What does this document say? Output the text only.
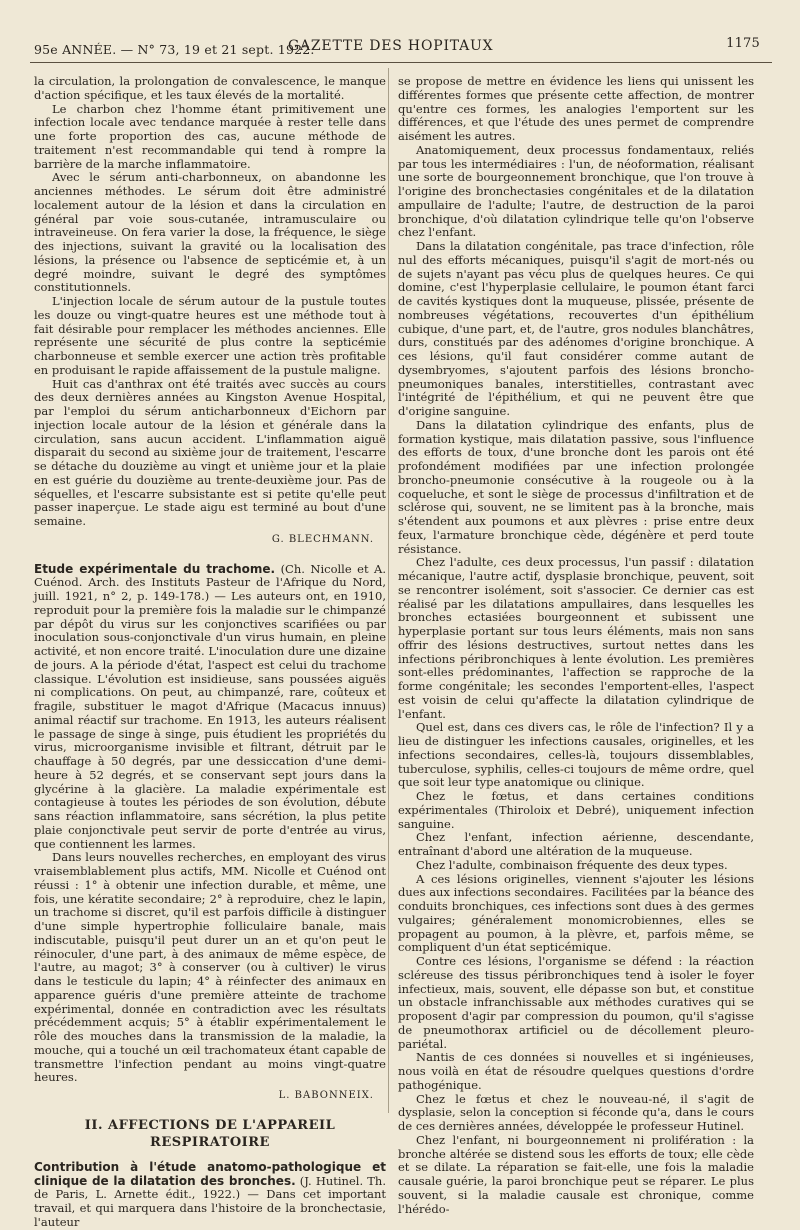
95e ANNÉE. — N° 73, 19 et 21 sept. 1922.
GAZETTE DES HOPITAUX	1175

la circulation, la prolongation de convalescence, le manque d'action spécifique, et les taux élevés de la mortalité.

Le charbon chez l'homme étant primitivement une infection locale avec tendance marquée à rester telle dans une forte proportion des cas, aucune méthode de traitement n'est recommandable qui tend à rompre la barrière de la marche inflammatoire.

Avec le sérum anti-charbonneux, on abandonne les anciennes méthodes. Le sérum doit être administré localement autour de la lésion et dans la circulation en général par voie sous-cutanée, intramusculaire ou intraveineuse. On fera varier la dose, la fréquence, le siège des injections, suivant la gravité ou la localisation des lésions, la présence ou l'absence de septicémie et, à un degré moindre, suivant le degré des symptômes constitutionnels.

L'injection locale de sérum autour de la pustule toutes les douze ou vingt-quatre heures est une méthode tout à fait désirable pour remplacer les méthodes anciennes. Elle représente une sécurité de plus contre la septicémie charbonneuse et semble exercer une action très profitable en produisant le rapide affaissement de la pustule maligne.

Huit cas d'anthrax ont été traités avec succès au cours des deux dernières années au Kingston Avenue Hospital, par l'emploi du sérum anticharbonneux d'Eichorn par injection locale autour de la lésion et générale dans la circulation, sans aucun accident. L'inflammation aiguë disparait du second au sixième jour de traitement, l'escarre se détache du douzième au vingt et unième jour et la plaie en est guérie du douzième au trente-deuxième jour. Pas de séquelles, et l'escarre subsistante est si petite qu'elle peut passer inaperçue. Le stade aigu est terminé au bout d'une semaine.

G. BLECHMANN.

Etude expérimentale du trachome. (Ch. Nicolle et A. Cuénod. Arch. des Instituts Pasteur de l'Afrique du Nord, juill. 1921, n° 2, p. 149-178.) — Les auteurs ont, en 1910, reproduit pour la première fois la maladie sur le chimpanzé par dépôt du virus sur les conjonctives scarifiées ou par inoculation sous-conjonctivale d'un virus humain, en pleine activité, et non encore traité. L'inoculation dure une dizaine de jours. A la période d'état, l'aspect est celui du trachome classique. L'évolution est insidieuse, sans poussées aiguës ni complications. On peut, au chimpanzé, rare, coûteux et fragile, substituer le magot d'Afrique (Macacus innuus) animal réactif sur trachome. En 1913, les auteurs réalisent le passage de singe à singe, puis étudient les propriétés du virus, microorganisme invisible et filtrant, détruit par le chauffage à 50 degrés, par une dessiccation d'une demi-heure à 52 degrés, et se conservant sept jours dans la glycérine à la glacière. La maladie expérimentale est contagieuse à toutes les périodes de son évolution, débute sans réaction inflammatoire, sans sécrétion, la plus petite plaie conjonctivale peut servir de porte d'entrée au virus, que contiennent les larmes.

Dans leurs nouvelles recherches, en employant des virus vraisemblablement plus actifs, MM. Nicolle et Cuénod ont réussi : 1° à obtenir une infection durable, et même, une fois, une kératite secondaire; 2° à reproduire, chez le lapin, un trachome si discret, qu'il est parfois difficile à distinguer d'une simple hypertrophie folliculaire banale, mais indiscutable, puisqu'il peut durer un an et qu'on peut le réinoculer, d'une part, à des animaux de même espèce, de l'autre, au magot; 3° à conserver (ou à cultiver) le virus dans le testicule du lapin; 4° à réinfecter des animaux en apparence guéris d'une première atteinte de trachome expérimental, donnée en contradiction avec les résultats précédemment acquis; 5° à établir expérimentalement le rôle des mouches dans la transmission de la maladie, la mouche, qui a touché un œil trachomateux étant capable de transmettre l'infection pendant au moins vingt-quatre heures.

L. BABONNEIX.
II. AFFECTIONS DE L'APPAREIL
RESPIRATOIRE

Contribution à l'étude anatomo-pathologique et clinique de la dilatation des bronches. (J. Hutinel. Th. de Paris, L. Arnette édit., 1922.) — Dans cet important travail, et qui marquera dans l'histoire de la bronchectasie, l'auteur

se propose de mettre en évidence les liens qui unissent les différentes formes que présente cette affection, de montrer qu'entre ces formes, les analogies l'emportent sur les différences, et que l'étude des unes permet de comprendre aisément les autres.

Anatomiquement, deux processus fondamentaux, reliés par tous les intermédiaires : l'un, de néoformation, réalisant une sorte de bourgeonnement bronchique, que l'on trouve à l'origine des bronchectasies congénitales et de la dilatation ampullaire de l'adulte; l'autre, de destruction de la paroi bronchique, d'où dilatation cylindrique telle qu'on l'observe chez l'enfant.

Dans la dilatation congénitale, pas trace d'infection, rôle nul des efforts mécaniques, puisqu'il s'agit de mort-nés ou de sujets n'ayant pas vécu plus de quelques heures. Ce qui domine, c'est l'hyperplasie cellulaire, le poumon étant farci de cavités kystiques dont la muqueuse, plissée, présente de nombreuses végétations, recouvertes d'un épithélium cubique, d'une part, et, de l'autre, gros nodules blanchâtres, durs, constitués par des adénomes d'origine bronchique. A ces lésions, qu'il faut considérer comme autant de dysembryomes, s'ajoutent parfois des lésions broncho-pneumoniques banales, interstitielles, contrastant avec l'intégrité de l'épithélium, et qui ne peuvent être que d'origine sanguine.

Dans la dilatation cylindrique des enfants, plus de formation kystique, mais dilatation passive, sous l'influence des efforts de toux, d'une bronche dont les parois ont été profondément modifiées par une infection prolongée broncho-pneumonie consécutive à la rougeole ou à la coqueluche, et sont le siège de processus d'infiltration et de sclérose qui, souvent, ne se limitent pas à la bronche, mais s'étendent aux poumons et aux plèvres : prise entre deux feux, l'armature bronchique cède, dégénère et perd toute résistance.

Chez l'adulte, ces deux processus, l'un passif : dilatation mécanique, l'autre actif, dysplasie bronchique, peuvent, soit se rencontrer isolément, soit s'associer. Ce dernier cas est réalisé par les dilatations ampullaires, dans lesquelles les bronches ectasiées bourgeonnent et subissent une hyperplasie portant sur tous leurs éléments, mais non sans offrir des lésions destructives, surtout nettes dans les infections péribronchiques à lente évolution. Les premières sont-elles prédominantes, l'affection se rapproche de la forme congénitale; les secondes l'emportent-elles, l'aspect est voisin de celui qu'affecte la dilatation cylindrique de l'enfant.

Quel est, dans ces divers cas, le rôle de l'infection? Il y a lieu de distinguer les infections causales, originelles, et les infections secondaires, celles-là, toujours dissemblables, tuberculose, syphilis, celles-ci toujours de même ordre, quel que soit leur type anatomique ou clinique.

Chez le fœtus, et dans certaines conditions expérimentales (Thiroloix et Debré), uniquement infection sanguine.

Chez l'enfant, infection aérienne, descendante, entraînant d'abord une altération de la muqueuse.

Chez l'adulte, combinaison fréquente des deux types.

A ces lésions originelles, viennent s'ajouter les lésions dues aux infections secondaires. Facilitées par la béance des conduits bronchiques, ces infections sont dues à des germes vulgaires; généralement monomicrobiennes, elles se propagent au poumon, à la plèvre, et, parfois même, se compliquent d'un état septicémique.

Contre ces lésions, l'organisme se défend : la réaction scléreuse des tissus péribronchiques tend à isoler le foyer infectieux, mais, souvent, elle dépasse son but, et constitue un obstacle infranchissable aux méthodes curatives qui se proposent d'agir par compression du poumon, qu'il s'agisse de pneumothorax artificiel ou de décollement pleuro-pariétal.

Nantis de ces données si nouvelles et si ingénieuses, nous voilà en état de résoudre quelques questions d'ordre pathogénique.

Chez le fœtus et chez le nouveau-né, il s'agit de dysplasie, selon la conception si féconde qu'a, dans le cours de ces dernières années, développée le professeur Hutinel.

Chez l'enfant, ni bourgeonnement ni prolifération : la bronche altérée se distend sous les efforts de toux; elle cède et se dilate. La réparation se fait-elle, une fois la maladie causale guérie, la paroi bronchique peut se réparer. Le plus souvent, si la maladie causale est chronique, comme l'hérédo-
